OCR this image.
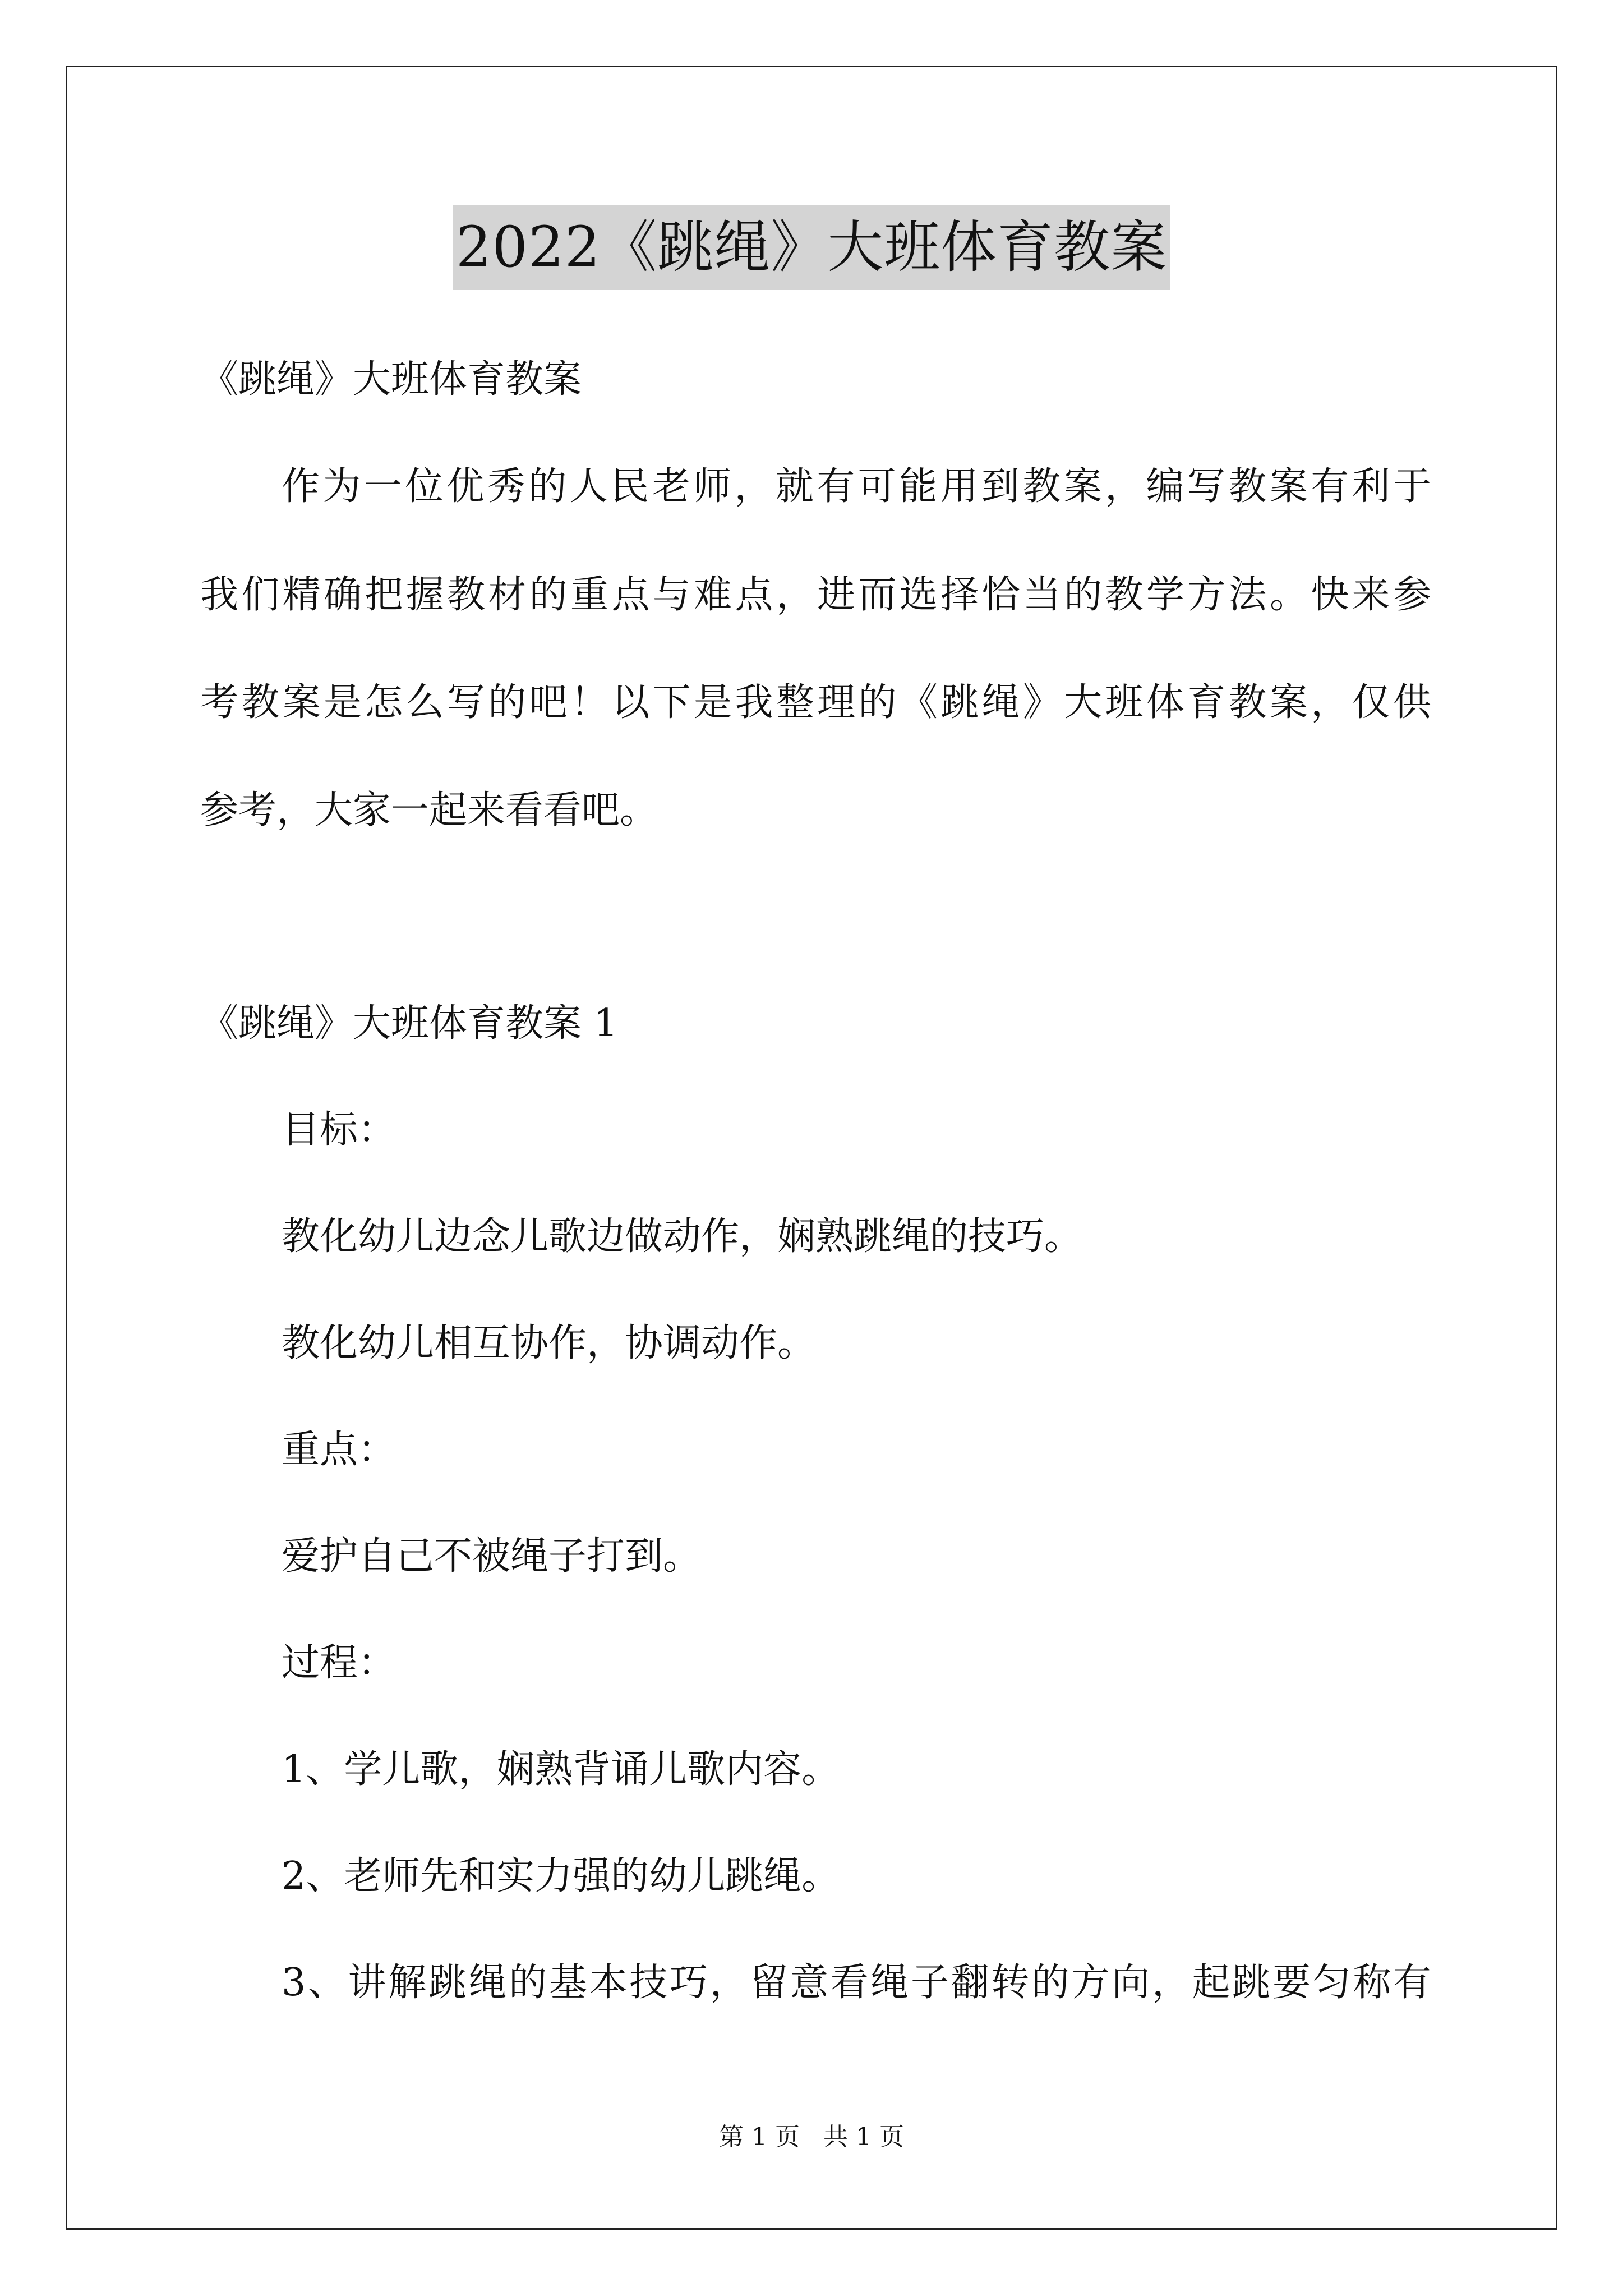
2022《跳绳》大班体育教案
《跳绳》大班体育教案
作为一位优秀的人民老师，就有可能用到教案，编写教案有利于
我们精确把握教材的重点与难点，进而选择恰当的教学方法。快来参
考教案是怎么写的吧！以下是我整理的《跳绳》大班体育教案，仅供
参考，大家一起来看看吧。
《跳绳》大班体育教案 1
目标：
教化幼儿边念儿歌边做动作，娴熟跳绳的技巧。
教化幼儿相互协作，协调动作。
重点：
爱护自己不被绳子打到。
过程：
1、学儿歌，娴熟背诵儿歌内容。
2、老师先和实力强的幼儿跳绳。
3、讲解跳绳的基本技巧，留意看绳子翻转的方向，起跳要匀称有
第 1 页 共 1 页
